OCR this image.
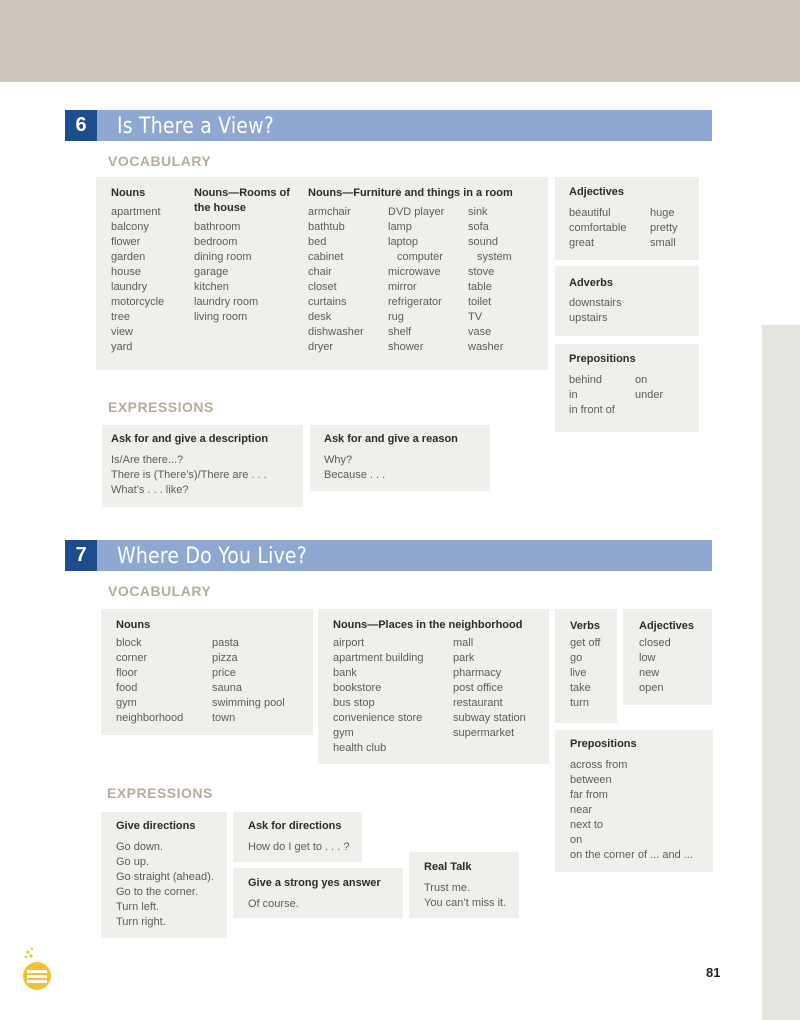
6	Is There a View?
VOCABULARY
Nouns
apartment
balcony
flower
garden
house
laundry
motorcycle
tree
view
yard
Nouns—Rooms of the house
bathroom
bedroom
dining room
garage
kitchen
laundry room
living room
Nouns—Furniture and things in a room
armchair
bathtub
bed
cabinet
chair
closet
curtains
desk
dishwasher
dryer
DVD player
lamp
laptop
computer
microwave
mirror
refrigerator
rug
shelf
shower
sink
sofa
sound
system
stove
table
toilet
TV
vase
washer
Adjectives
beautiful
comfortable
great
huge
pretty
small
Adverbs
downstairs
upstairs
Prepositions
behind
in
in front of
on
under
EXPRESSIONS
Ask for and give a description
Is/Are there...?
There is (There’s)/There are . . .
What’s . . . like?
Ask for and give a reason
Why?
Because . . .
7	Where Do You Live?
VOCABULARY
Nouns
block
corner
floor
food
gym
neighborhood
pasta
pizza
price
sauna
swimming pool
town
Nouns—Places in the neighborhood
airport
apartment building
bank
bookstore
bus stop
convenience store
gym
health club
mall
park
pharmacy
post office
restaurant
subway station
supermarket
Verbs
get off
go
live
take
turn
Adjectives
closed
low
new
open
Prepositions
across from
between
far from
near
next to
on
on the corner of ... and ...
EXPRESSIONS
Give directions
Go down.
Go up.
Go straight (ahead).
Go to the corner.
Turn left.
Turn right.
Ask for directions
How do I get to . . . ?
Give a strong yes answer
Of course.
Real Talk
Trust me.
You can’t miss it.
81
